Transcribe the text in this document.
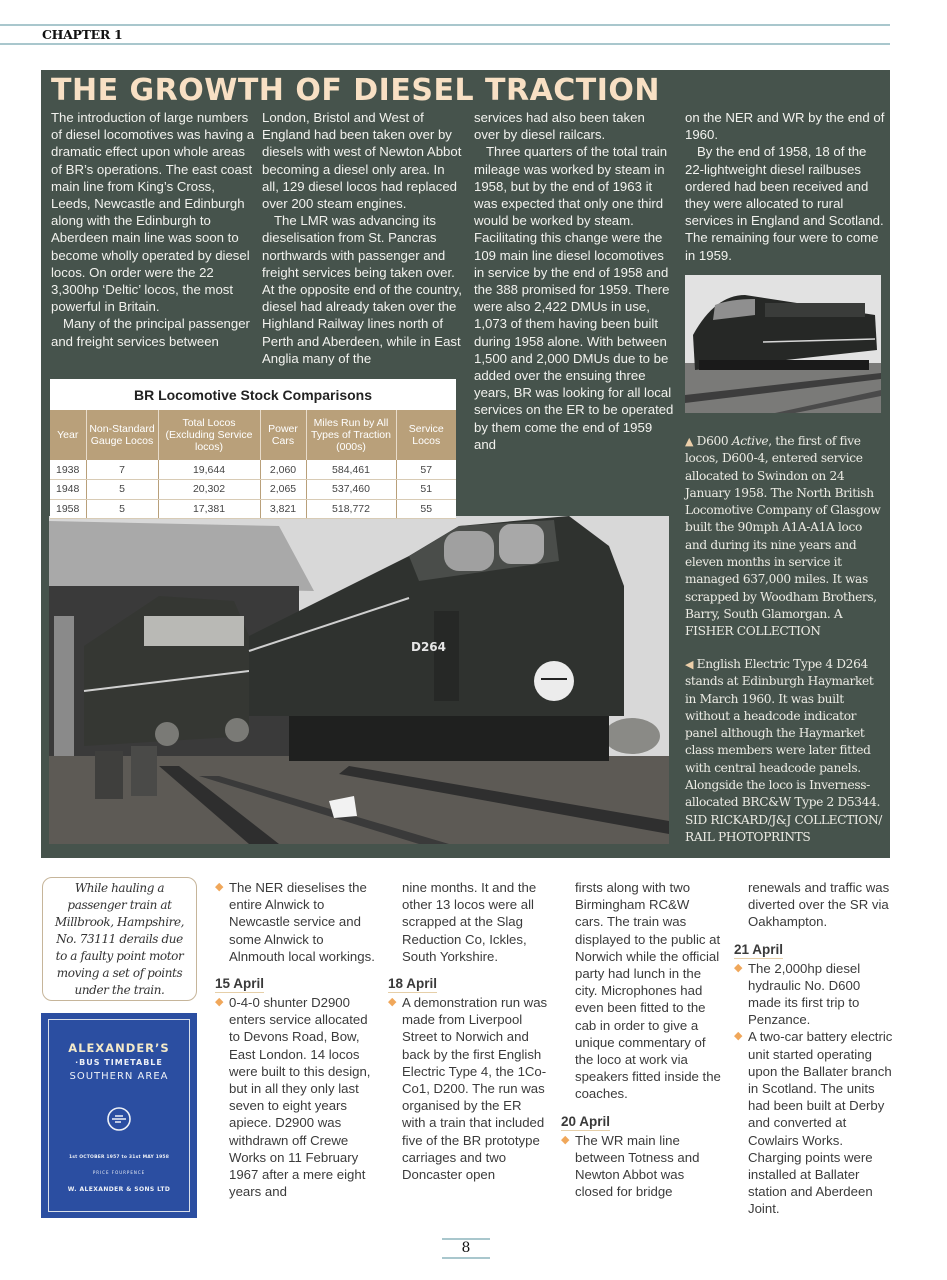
CHAPTER 1
THE GROWTH OF DIESEL TRACTION

The introduction of large numbers of diesel locomotives was having a dramatic effect upon whole areas of BR’s operations. The east coast main line from King’s Cross, Leeds, Newcastle and Edinburgh along with the Edinburgh to Aberdeen main line was soon to become wholly operated by diesel locos. On order were the 22 3,300hp ‘Deltic’ locos, the most powerful in Britain.

Many of the principal passenger and freight services between

London, Bristol and West of England had been taken over by diesels with west of Newton Abbot becoming a diesel only area. In all, 129 diesel locos had replaced over 200 steam engines.

The LMR was advancing its dieselisation from St. Pancras northwards with passenger and freight services being taken over. At the opposite end of the country, diesel had already taken over the Highland Railway lines north of Perth and Aberdeen, while in East Anglia many of the

services had also been taken over by diesel railcars.

Three quarters of the total train mileage was worked by steam in 1958, but by the end of 1963 it was expected that only one third would be worked by steam. Facilitating this change were the 109 main line diesel locomotives in service by the end of 1958 and the 388 promised for 1959. There were also 2,422 DMUs in use, 1,073 of them having been built during 1958 alone. With between 1,500 and 2,000 DMUs due to be added over the ensuing three years, BR was looking for all local services on the ER to be operated by them come the end of 1959 and

on the NER and WR by the end of 1960.

By the end of 1958, 18 of the 22-lightweight diesel railbuses ordered had been received and they were allocated to rural services in England and Scotland. The remaining four were to come in 1959.

▲ D600 Active, the first of five locos, D600-4, entered service allocated to Swindon on 24 January 1958. The North British Locomotive Company of Glasgow built the 90mph A1A-A1A loco and during its nine years and eleven months in service it managed 637,000 miles. It was scrapped by Woodham Brothers, Barry, South Glamorgan. A FISHER COLLECTION
◀ English Electric Type 4 D264 stands at Edinburgh Haymarket in March 1960. It was built without a headcode indicator panel although the Haymarket class members were later fitted with central headcode panels. Alongside the loco is Inverness-allocated BRC&W Type 2 D5344. SID RICKARD/J&J COLLECTION/ RAIL PHOTOPRINTS
D264
BR Locomotive Stock Comparisons
Year	Non-Standard Gauge Locos	Total Locos (Excluding Service locos)	Power Cars	Miles Run by All Types of Traction (000s)	Service Locos
1938	7	19,644	2,060	584,461	57
1948	5	20,302	2,065	537,460	51
1958	5	17,381	3,821	518,772	55
While hauling a passenger train at Millbrook, Hampshire, No. 73111 derails due to a faulty point motor moving a set of points under the train.
ALEXANDER’S
·BUS TIMETABLE
SOUTHERN AREA
1st OCTOBER 1957 to 31st MAY 1958
PRICE FOURPENCE
W. ALEXANDER & SONS LTD
◆ The NER dieselises the entire Alnwick to Newcastle service and some Alnwick to Alnmouth local workings.
15 April
◆ 0-4-0 shunter D2900 enters service allocated to Devons Road, Bow, East London. 14 locos were built to this design, but in all they only last seven to eight years apiece. D2900 was withdrawn off Crewe Works on 11 February 1967 after a mere eight years and
nine months. It and the other 13 locos were all scrapped at the Slag Reduction Co, Ickles, South Yorkshire.
18 April
◆ A demonstration run was made from Liverpool Street to Norwich and back by the first English Electric Type 4, the 1Co-Co1, D200. The run was organised by the ER with a train that included five of the BR prototype carriages and two Doncaster open
firsts along with two Birmingham RC&W cars. The train was displayed to the public at Norwich while the official party had lunch in the city. Microphones had even been fitted to the cab in order to give a unique commentary of the loco at work via speakers fitted inside the coaches.
20 April
◆ The WR main line between Totness and Newton Abbot was closed for bridge
renewals and traffic was diverted over the SR via Oakhampton.
21 April
◆ The 2,000hp diesel hydraulic No. D600 made its first trip to Penzance.
◆ A two-car battery electric unit started operating upon the Ballater branch in Scotland. The units had been built at Derby and converted at Cowlairs Works. Charging points were installed at Ballater station and Aberdeen Joint.
8
